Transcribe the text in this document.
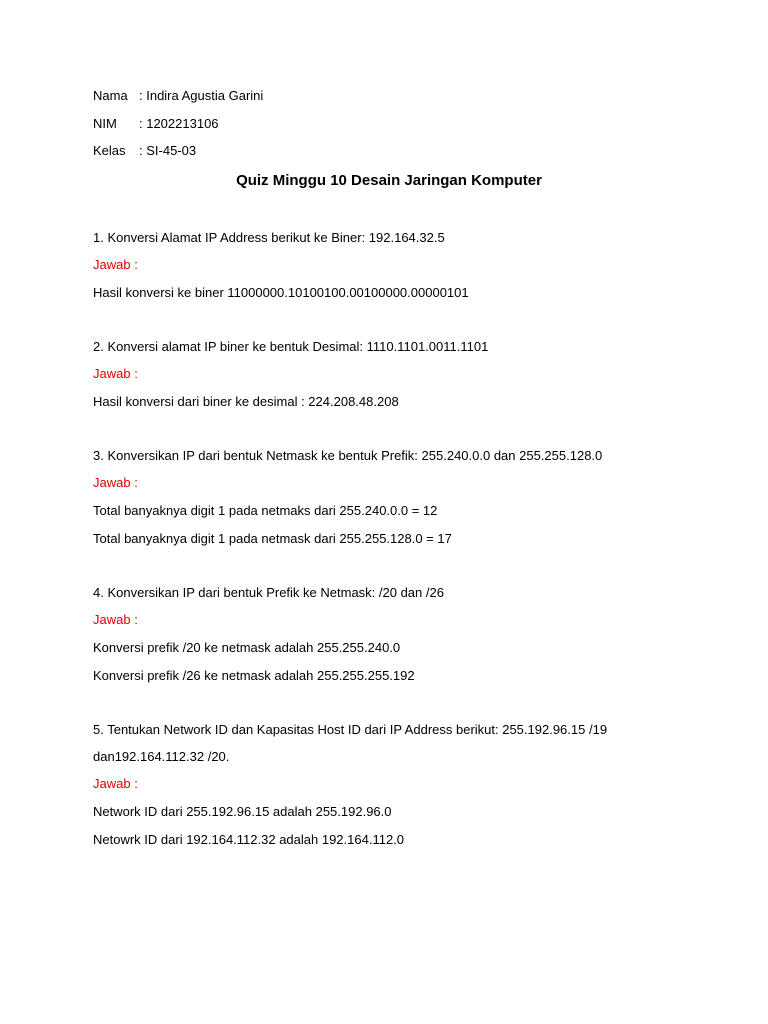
Nama : Indira Agustia Garini
NIM : 1202213106
Kelas : SI-45-03
Quiz Minggu 10 Desain Jaringan Komputer
1. Konversi Alamat IP Address berikut ke Biner: 192.164.32.5
Jawab :
Hasil konversi ke biner 11000000.10100100.00100000.00000101
2. Konversi alamat IP biner ke bentuk Desimal: 1110.1101.0011.1101
Jawab :
Hasil konversi dari biner ke desimal : 224.208.48.208
3. Konversikan IP dari bentuk Netmask ke bentuk Prefik: 255.240.0.0 dan 255.255.128.0
Jawab :
Total banyaknya digit 1 pada netmaks dari 255.240.0.0 = 12
Total banyaknya digit 1 pada netmask dari 255.255.128.0 = 17
4. Konversikan IP dari bentuk Prefik ke Netmask: /20 dan /26
Jawab :
Konversi prefik /20 ke netmask adalah 255.255.240.0
Konversi prefik /26 ke netmask adalah 255.255.255.192
5. Tentukan Network ID dan Kapasitas Host ID dari IP Address berikut: 255.192.96.15 /19
dan192.164.112.32 /20.
Jawab :
Network ID dari 255.192.96.15 adalah 255.192.96.0
Netowrk ID dari 192.164.112.32 adalah 192.164.112.0
